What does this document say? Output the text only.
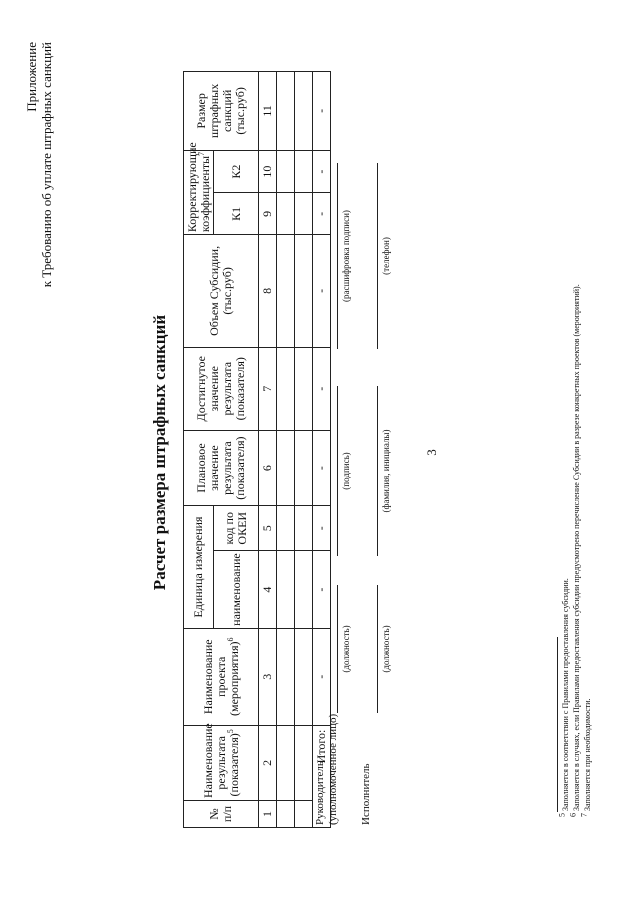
3
Приложение к Требованию об уплате штрафных санкций
Расчет размера штрафных санкций
№ п/п	Наименование результата (показателя)$^5$	Наименование проекта (мероприятия)$^6$	Единица измерения		Плановое значение результата (показателя)	Достигнутое значение результата (показателя)	Объем Субсидии, (тыс.руб)	Корректирующие коэффициенты$^7$		Размер штрафных санкций (тыс.руб)
			наименование	код по ОКЕИ				К1	К2	
1	2	3	4	5	6	7	8	9	10	11

Итого:		-	-	-	-	-	-	-	-	-
Руководитель (уполномоченное лицо)
(должность)
(подпись)
(расшифровка подписи)
Исполнитель
(должность)
(фамилия, инициалы)
(телефон)
$^5$ Заполняется в соответствии с Правилами предоставления субсидии.
$^6$ Заполняется в случаях, если Правилами предоставления субсидии предусмотрено перечисление Субсидии в разрезе конкретных проектов (мероприятий).
$^7$ Заполняется при необходимости.
